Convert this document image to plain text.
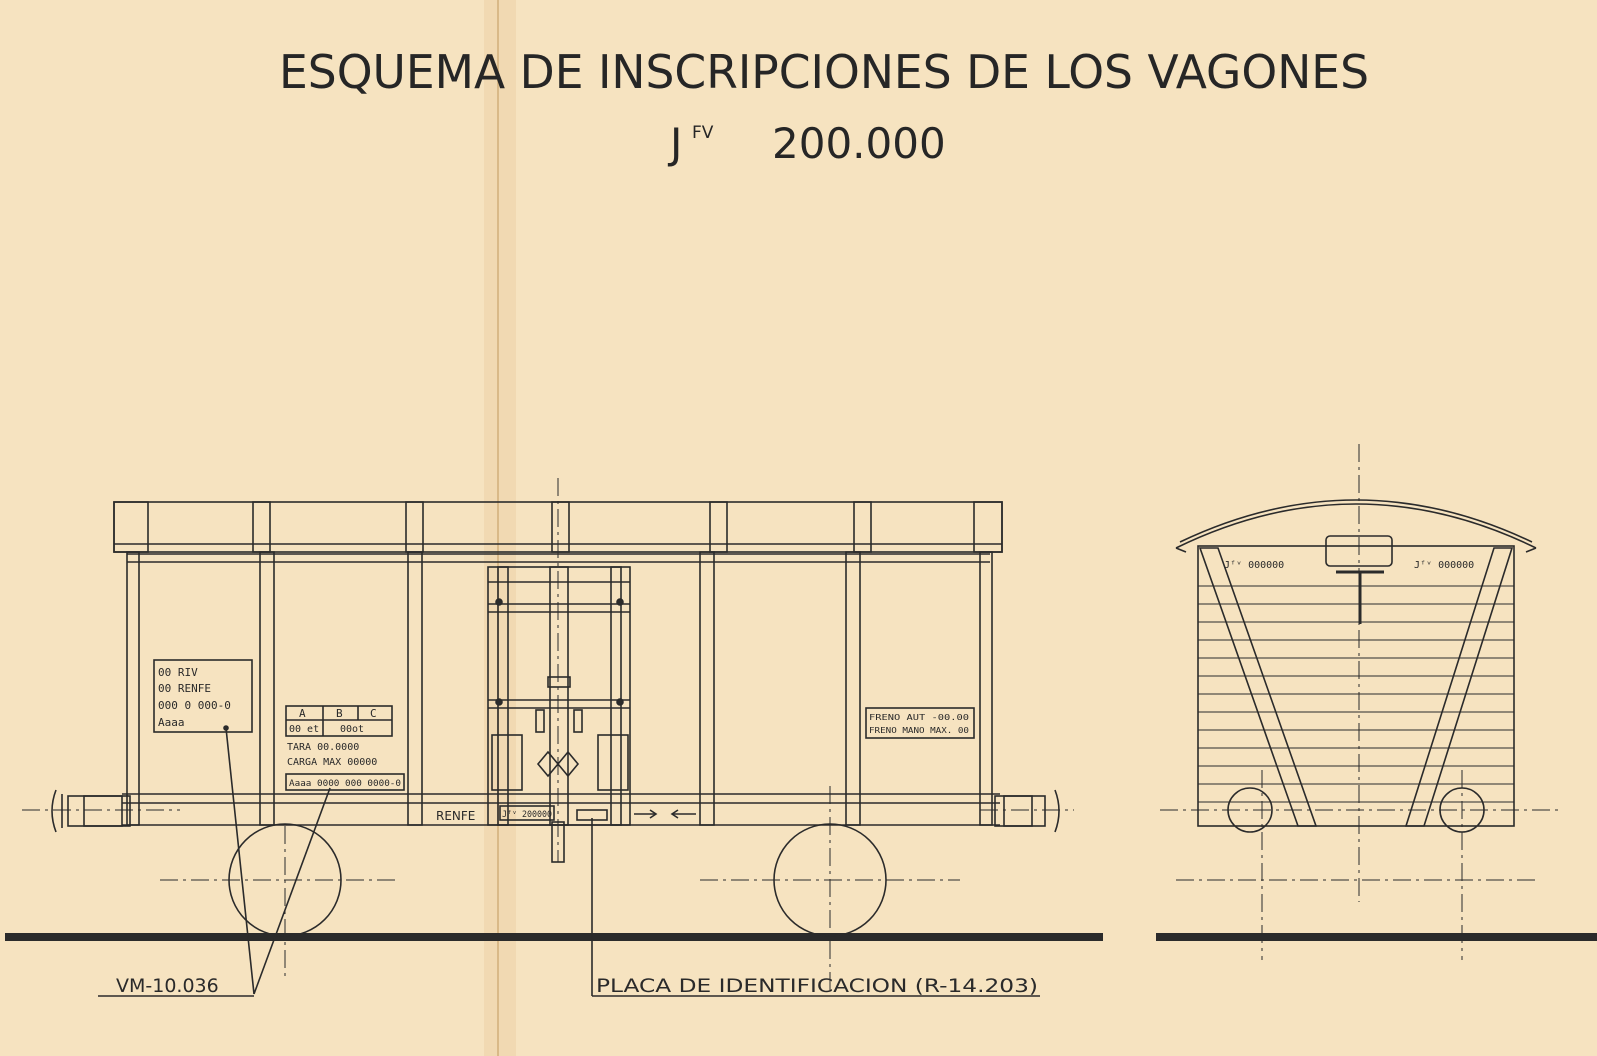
ESQUEMA DE INSCRIPCIONES DE LOS VAGONES
J FV 200.000
00 RIV
00 RENFE
000 0 000-0
Aaaa
A	B C
00 et 00ot
TARA 00.0000
CARGA MAX 00000
Aaaa 0000 000 0000-0
FRENO AUT -00.00
FRENO MANO MAX. 00
RENFE	Jᶠᵛ 200000
Jᶠᵛ 000000	Jᶠᵛ 000000
VM-10.036	PLACA DE IDENTIFICACION (R-14.203)
